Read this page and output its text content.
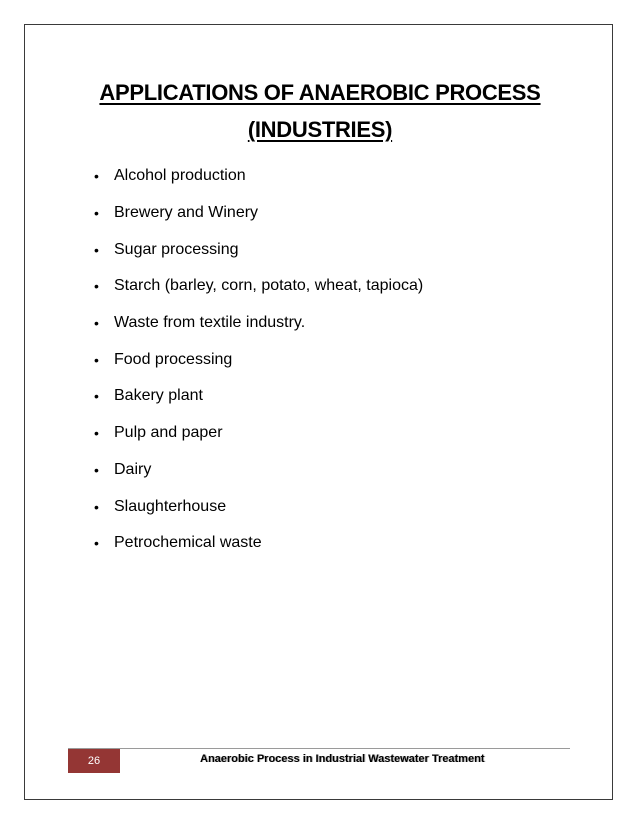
APPLICATIONS OF ANAEROBIC PROCESS
(INDUSTRIES)
• Alcohol production
• Brewery and Winery
• Sugar processing
• Starch (barley, corn, potato, wheat, tapioca)
• Waste from textile industry.
• Food processing
• Bakery plant
• Pulp and paper
• Dairy
• Slaughterhouse
• Petrochemical waste
26	Anaerobic Process in Industrial Wastewater Treatment
